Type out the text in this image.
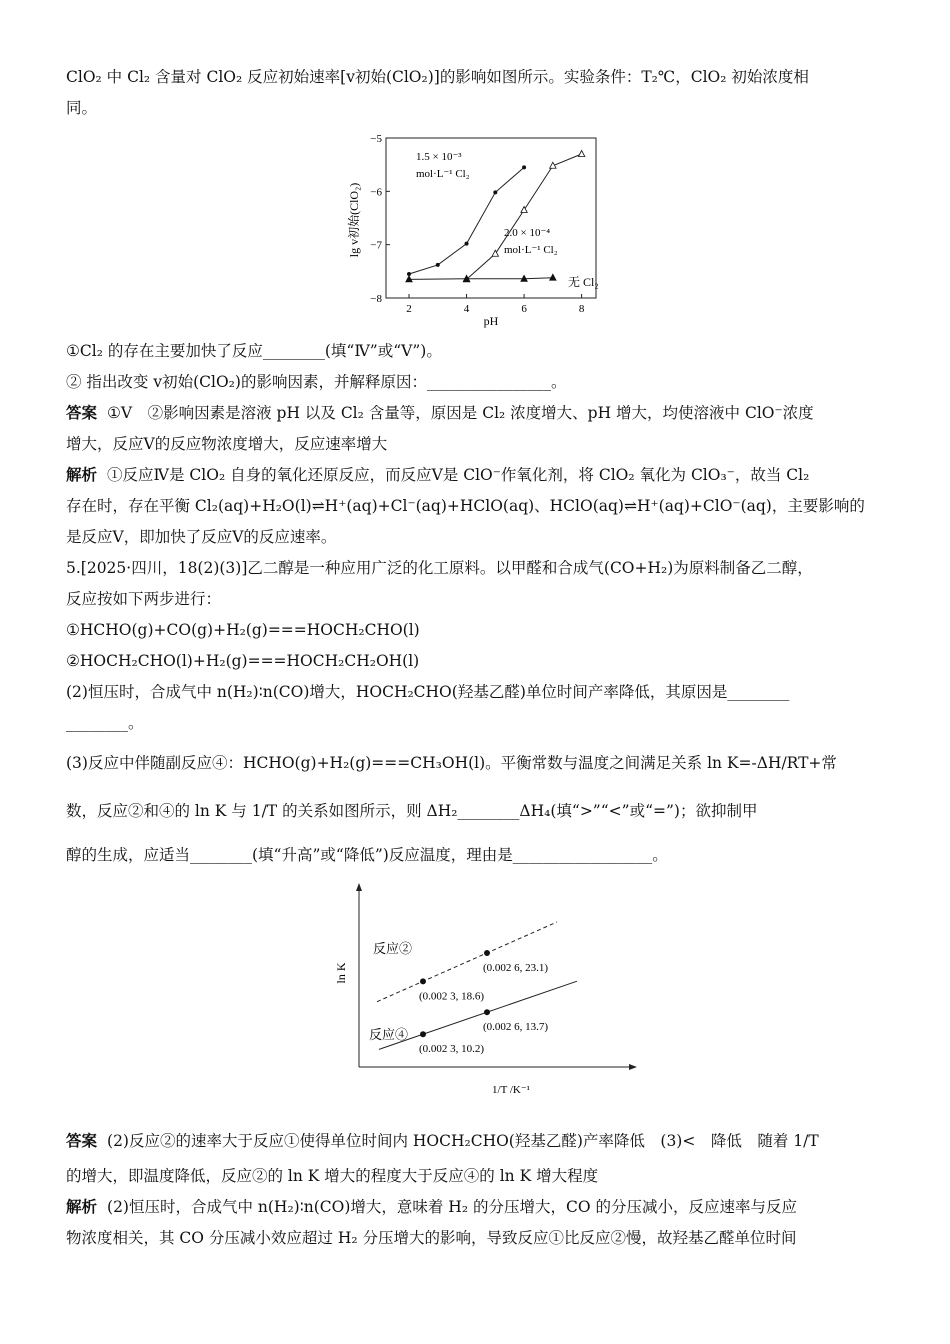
ClO₂ 中 Cl₂ 含量对 ClO₂ 反应初始速率[v初始(ClO₂)]的影响如图所示。实验条件：T₂℃，ClO₂ 初始浓度相
同。
2	4	6	8
−5
−6
−7
−8
lg v初始(ClO₂)
pH
1.5 × 10⁻³
mol·L⁻¹ Cl₂
2.0 × 10⁻⁴
mol·L⁻¹ Cl₂
无 Cl₂
①Cl₂ 的存在主要加快了反应________(填“Ⅳ”或“Ⅴ”)。
② 指出改变 v初始(ClO₂)的影响因素，并解释原因：________________。
答案 ①Ⅴ　②影响因素是溶液 pH 以及 Cl₂ 含量等，原因是 Cl₂ 浓度增大、pH 增大，均使溶液中 ClO⁻浓度
增大，反应Ⅴ的反应物浓度增大，反应速率增大
解析 ①反应Ⅳ是 ClO₂ 自身的氧化还原反应，而反应Ⅴ是 ClO⁻作氧化剂，将 ClO₂ 氧化为 ClO₃⁻，故当 Cl₂
存在时，存在平衡 Cl₂(aq)+H₂O(l)⇌H⁺(aq)+Cl⁻(aq)+HClO(aq)、HClO(aq)⇌H⁺(aq)+ClO⁻(aq)，主要影响的
是反应Ⅴ，即加快了反应Ⅴ的反应速率。
5.[2025·四川，18(2)(3)]乙二醇是一种应用广泛的化工原料。以甲醛和合成气(CO+H₂)为原料制备乙二醇，
反应按如下两步进行：
①HCHO(g)+CO(g)+H₂(g)===HOCH₂CHO(l)
②HOCH₂CHO(l)+H₂(g)===HOCH₂CH₂OH(l)
(2)恒压时，合成气中 n(H₂)∶n(CO)增大，HOCH₂CHO(羟基乙醛)单位时间产率降低，其原因是________
________。
(3)反应中伴随副反应④：HCHO(g)+H₂(g)===CH₃OH(l)。平衡常数与温度之间满足关系 ln K=-ΔH/RT+常
数，反应②和④的 ln K 与 1/T 的关系如图所示，则 ΔH₂________ΔH₄(填“>”“<”或“=”)；欲抑制甲
醇的生成，应适当________(填“升高”或“降低”)反应温度，理由是__________________。
(0.002 3, 18.6)
(0.002 6, 23.1)
(0.002 3, 10.2)
(0.002 6, 13.7)
ln K
1/T /K⁻¹
反应②
反应④
答案 (2)反应②的速率大于反应①使得单位时间内 HOCH₂CHO(羟基乙醛)产率降低　(3)<　降低　随着 1/T
的增大，即温度降低，反应②的 ln K 增大的程度大于反应④的 ln K 增大程度
解析 (2)恒压时，合成气中 n(H₂)∶n(CO)增大，意味着 H₂ 的分压增大，CO 的分压减小，反应速率与反应
物浓度相关，其 CO 分压减小效应超过 H₂ 分压增大的影响，导致反应①比反应②慢，故羟基乙醛单位时间
